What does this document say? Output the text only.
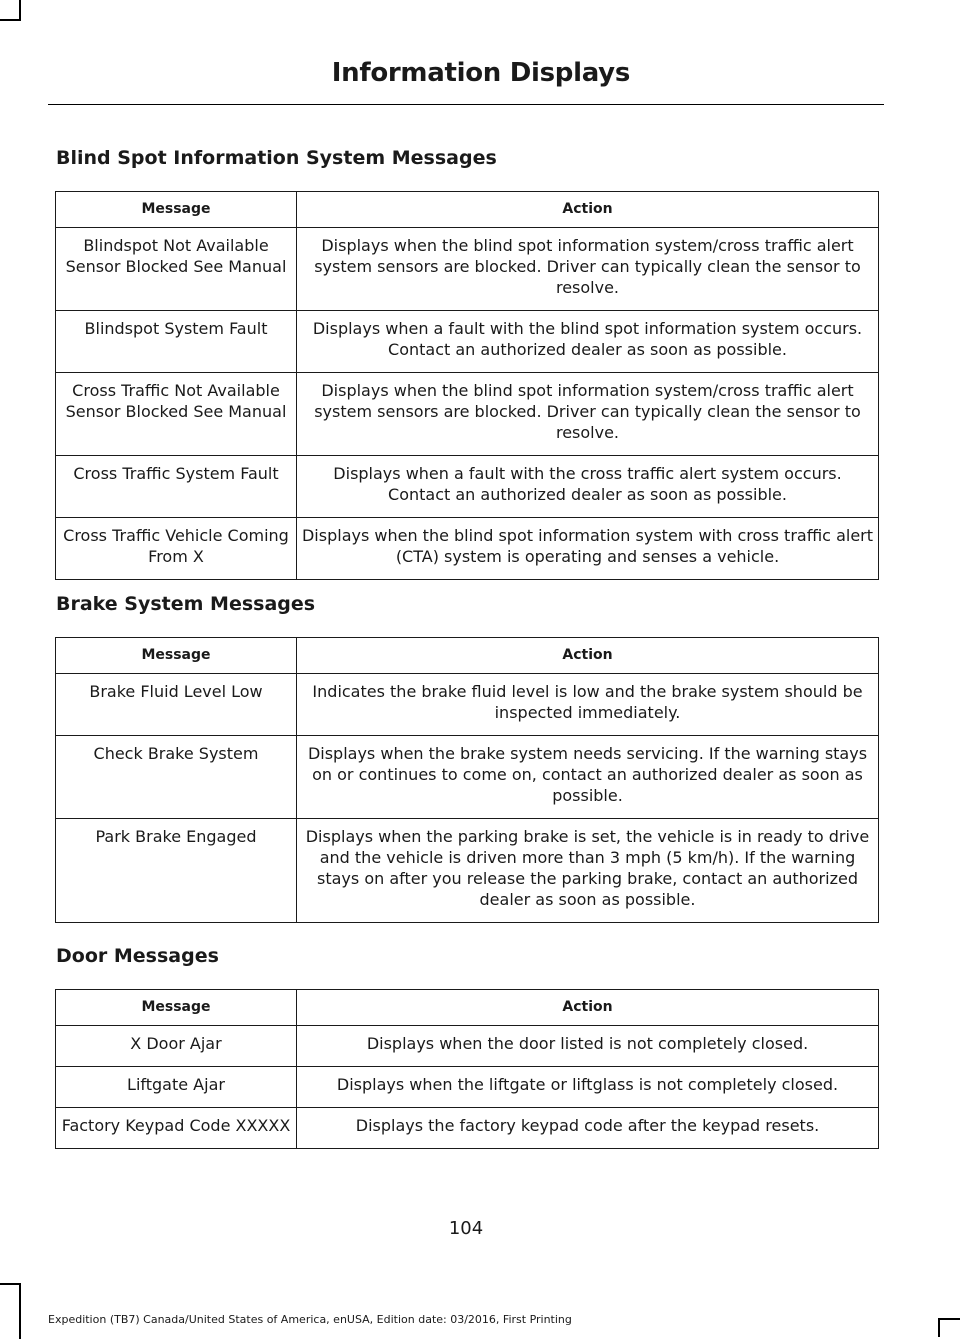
Information Displays
Blind Spot Information System Messages
Message	Action
Blindspot Not Available Sensor Blocked See Manual	Displays when the blind spot information system/cross traffic alert system sensors are blocked. Driver can typically clean the sensor to resolve.
Blindspot System Fault	Displays when a fault with the blind spot information system occurs. Contact an authorized dealer as soon as possible.
Cross Traffic Not Available Sensor Blocked See Manual	Displays when the blind spot information system/cross traffic alert system sensors are blocked. Driver can typically clean the sensor to resolve.
Cross Traffic System Fault	Displays when a fault with the cross traffic alert system occurs. Contact an authorized dealer as soon as possible.
Cross Traffic Vehicle Coming From X	Displays when the blind spot information system with cross traffic alert (CTA) system is operating and senses a vehicle.
Brake System Messages
Message	Action
Brake Fluid Level Low	Indicates the brake fluid level is low and the brake system should be inspected immediately.
Check Brake System	Displays when the brake system needs servicing. If the warning stays on or continues to come on, contact an authorized dealer as soon as possible.
Park Brake Engaged	Displays when the parking brake is set, the vehicle is in ready to drive and the vehicle is driven more than 3 mph (5 km/h). If the warning stays on after you release the parking brake, contact an authorized dealer as soon as possible.
Door Messages
Message	Action
X Door Ajar	Displays when the door listed is not completely closed.
Liftgate Ajar	Displays when the liftgate or liftglass is not completely closed.
Factory Keypad Code XXXXX	Displays the factory keypad code after the keypad resets.
104
Expedition (TB7) Canada/United States of America, enUSA, Edition date: 03/2016, First Printing
